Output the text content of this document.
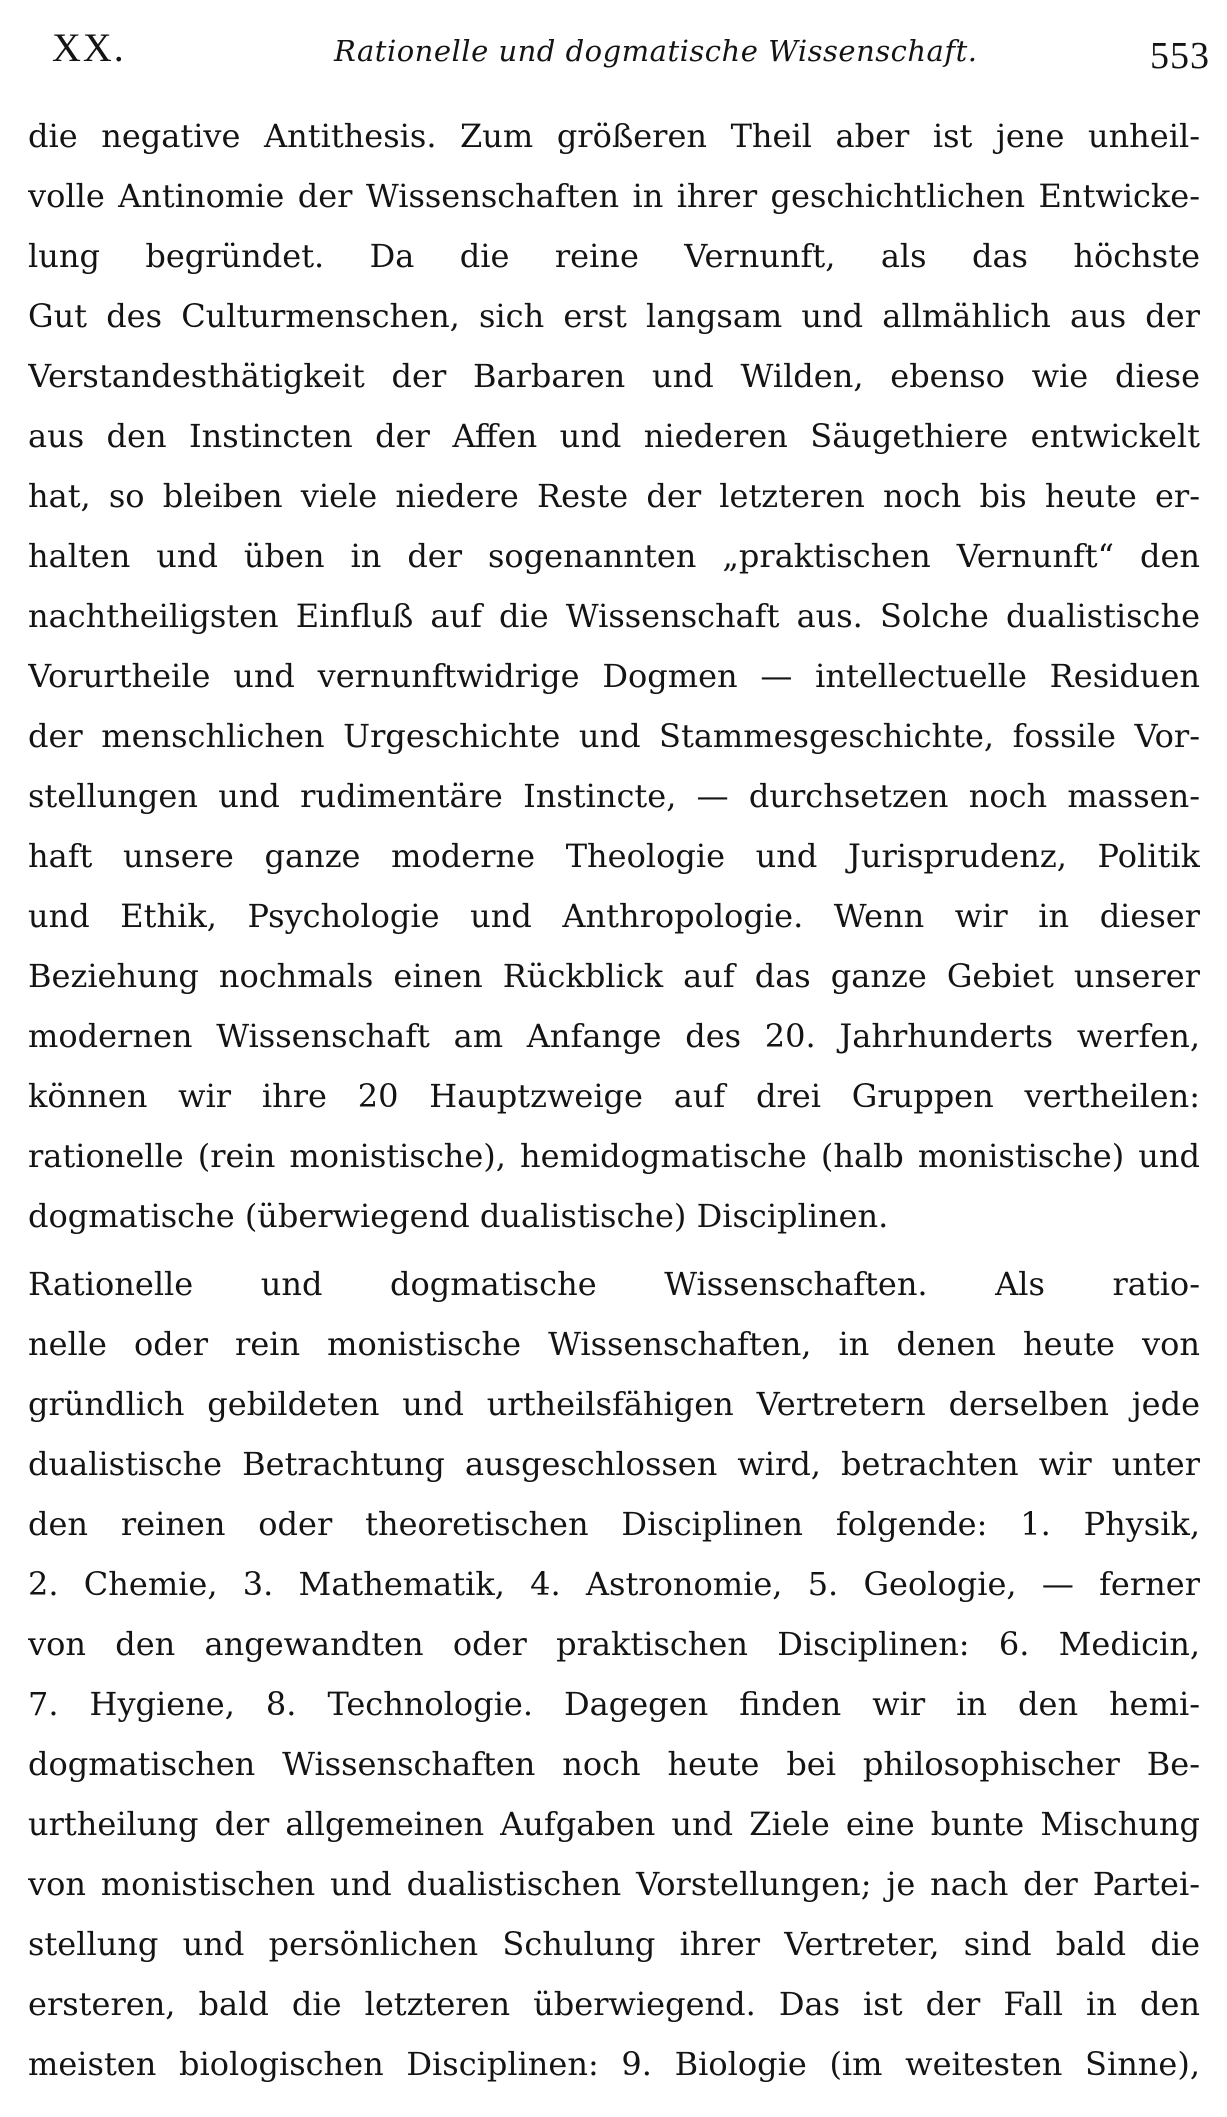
XX.	Rationelle und dogmatische Wissenschaft.	553
die negative Antithesis. Zum größeren Theil aber ist jene unheil-
volle Antinomie der Wissenschaften in ihrer geschichtlichen Entwicke-
lung begründet. Da die reine Vernunft, als das höchste
Gut des Culturmenschen, sich erst langsam und allmählich aus der
Verstandesthätigkeit der Barbaren und Wilden, ebenso wie diese
aus den Instincten der Affen und niederen Säugethiere entwickelt
hat, so bleiben viele niedere Reste der letzteren noch bis heute er-
halten und üben in der sogenannten „praktischen Vernunft“ den
nachtheiligsten Einfluß auf die Wissenschaft aus. Solche dualistische
Vorurtheile und vernunftwidrige Dogmen — intellectuelle Residuen
der menschlichen Urgeschichte und Stammesgeschichte, fossile Vor-
stellungen und rudimentäre Instincte, — durchsetzen noch massen-
haft unsere ganze moderne Theologie und Jurisprudenz, Politik
und Ethik, Psychologie und Anthropologie. Wenn wir in dieser
Beziehung nochmals einen Rückblick auf das ganze Gebiet unserer
modernen Wissenschaft am Anfange des 20. Jahrhunderts werfen,
können wir ihre 20 Hauptzweige auf drei Gruppen vertheilen:
rationelle (rein monistische), hemidogmatische (halb monistische) und
dogmatische (überwiegend dualistische) Disciplinen.
Rationelle und dogmatische Wissenschaften. Als ratio-
nelle oder rein monistische Wissenschaften, in denen heute von
gründlich gebildeten und urtheilsfähigen Vertretern derselben jede
dualistische Betrachtung ausgeschlossen wird, betrachten wir unter
den reinen oder theoretischen Disciplinen folgende: 1. Physik,
2. Chemie, 3. Mathematik, 4. Astronomie, 5. Geologie, — ferner
von den angewandten oder praktischen Disciplinen: 6. Medicin,
7. Hygiene, 8. Technologie. Dagegen finden wir in den hemi-
dogmatischen Wissenschaften noch heute bei philosophischer Be-
urtheilung der allgemeinen Aufgaben und Ziele eine bunte Mischung
von monistischen und dualistischen Vorstellungen; je nach der Partei-
stellung und persönlichen Schulung ihrer Vertreter, sind bald die
ersteren, bald die letzteren überwiegend. Das ist der Fall in den
meisten biologischen Disciplinen: 9. Biologie (im weitesten Sinne),
